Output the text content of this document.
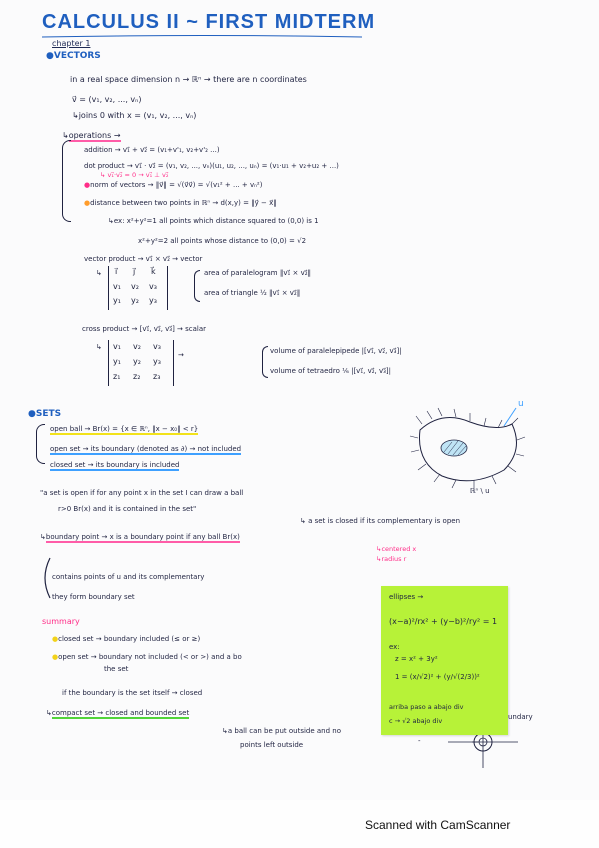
CALCULUS II ~ FIRST MIDTERM
chapter 1
●VECTORS
in a real space dimension n → ℝⁿ → there are n coordinates
v⃗ = (v₁, v₂, ..., vₙ)
↳joins 0 with x = (v₁, v₂, ..., vₙ)
↳operations →
addition → v₁⃗ + v₂⃗ = (v₁+v'₁, v₂+v'₂ ...)
dot product → v₁⃗ · v₂⃗ = (v₁, v₂, ..., vₙ)(u₁, u₂, ..., uₙ) = (v₁·u₁ + v₂+u₂ + ...)
↳ v₁⃗·v₂⃗ = 0 → v₁⃗ ⊥ v₂⃗
●norm of vectors → ‖v⃗‖ = √(v⃗v⃗) = √(v₁² + ... + vₙ²)
●distance between two points in ℝⁿ → d(x,y) = ‖y⃗ − x⃗‖
↳ex: x²+y²=1 all points which distance squared to (0,0) is 1
x²+y²=2 all points whose distance to (0,0) = √2
vector product → v₁⃗ × v₂⃗ → vector
↳ i⃗ j⃗ k⃗
v₁ v₂ v₃
y₁ y₂ y₃
area of paralelogram ‖v₁⃗ × v₂⃗‖
area of triangle ½ ‖v₁⃗ × v₂⃗‖
cross product → [v₁⃗, v₂⃗, v₃⃗] → scalar
↳ v₁ v₂ v₃
y₁ y₂ y₃
z₁ z₂ z₃
→	volume of paralelepipede |[v₁⃗, v₂⃗, v₃⃗]|
volume of tetraedro ⅙ |[v₁⃗, v₂⃗, v₃⃗]|
●SETS
open ball → Br(x) = {x ∈ ℝⁿ, ‖x − x₀‖ < r}
open set → its boundary (denoted as ∂) → not included
closed set → its boundary is included
u
ℝⁿ \ u
"a set is open if for any point x in the set I can draw a ball
r>0 Br(x) and it is contained in the set"
↳ a set is closed if its complementary is open
↳boundary point → x is a boundary point if any ball Br(x)
↳centered x
↳radius r
contains points of u and its complementary
they form boundary set
summary
●closed set → boundary included (≤ or ≥)
●open set → boundary not included (< or >) and a bo
the set
if the boundary is the set itself → closed
↳compact set → closed and bounded set
↳a ball can be put outside and no
points left outside
undary
-
ellipses →
(x−a)²/rx² + (y−b)²/ry² = 1
ex:
z = x² + 3y²
1 = (x/√2)² + (y/√(2/3))²
arriba paso a abajo div
c → √2 abajo div
Scanned with CamScanner
